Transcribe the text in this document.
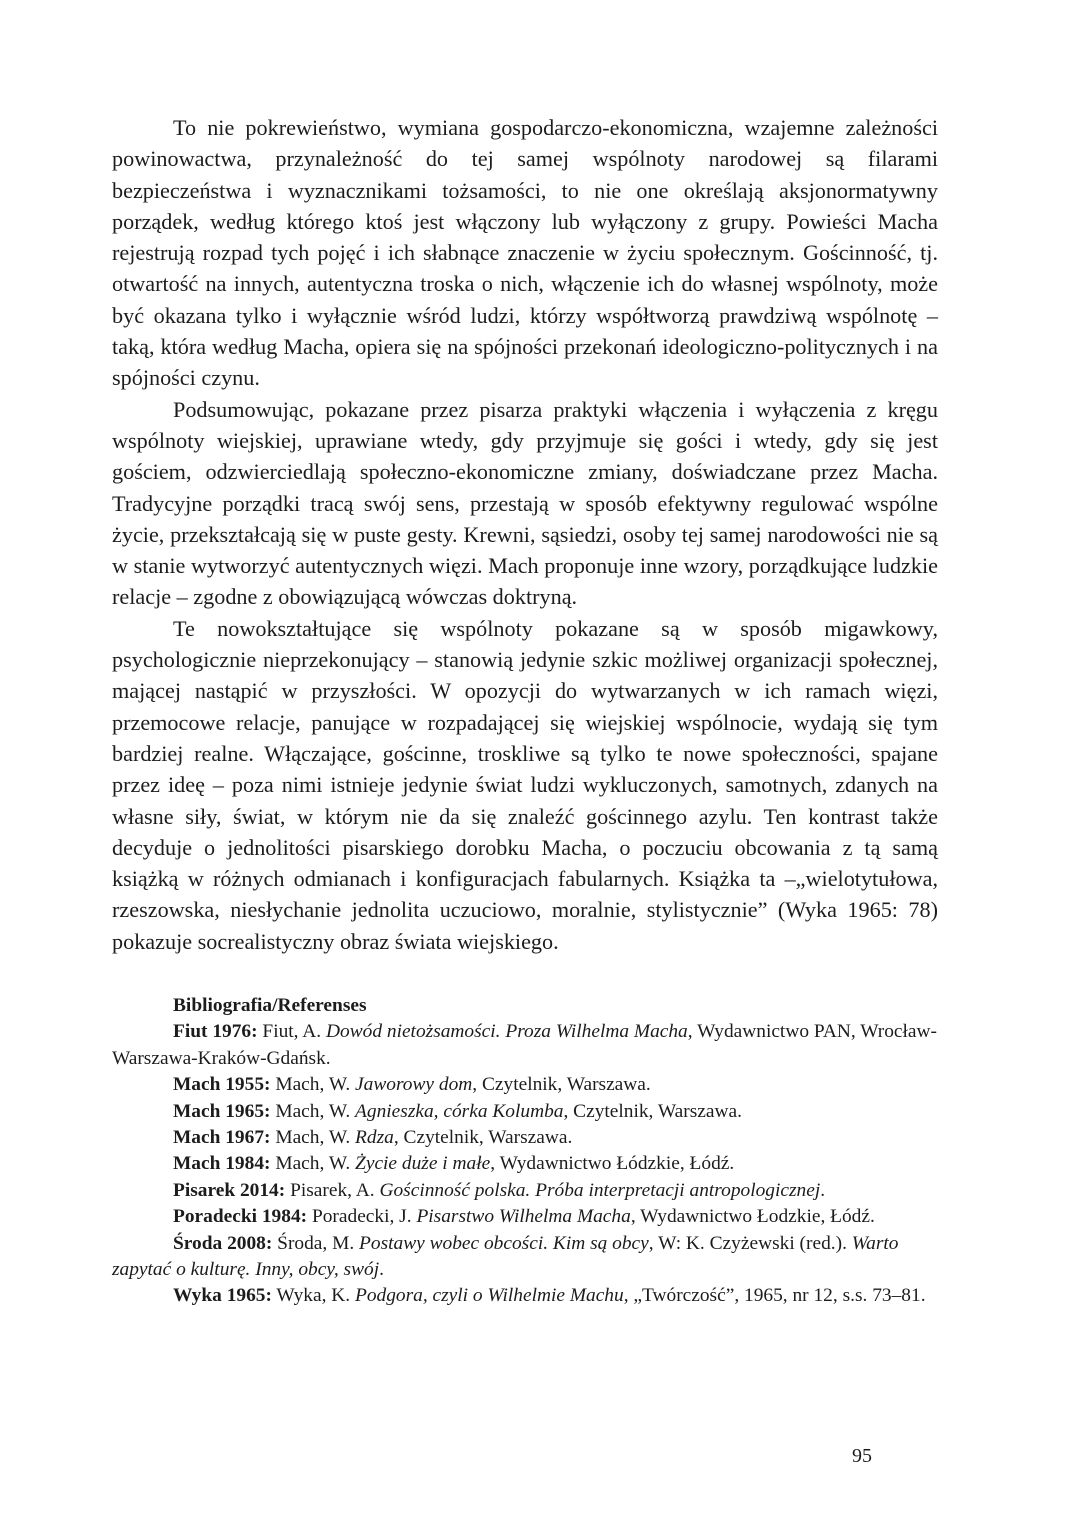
To nie pokrewieństwo, wymiana gospodarczo-ekonomiczna, wzajemne zależności powinowactwa, przynależność do tej samej wspólnoty narodowej są filarami bezpieczeństwa i wyznacznikami tożsamości, to nie one określają aksjonormatywny porządek, według którego ktoś jest włączony lub wyłączony z grupy. Powieści Macha rejestrują rozpad tych pojęć i ich słabnące znaczenie w życiu społecznym. Gościnność, tj. otwartość na innych, autentyczna troska o nich, włączenie ich do własnej wspólnoty, może być okazana tylko i wyłącznie wśród ludzi, którzy współtworzą prawdziwą wspólnotę – taką, która według Macha, opiera się na spójności przekonań ideologiczno-politycznych i na spójności czynu.

Podsumowując, pokazane przez pisarza praktyki włączenia i wyłączenia z kręgu wspólnoty wiejskiej, uprawiane wtedy, gdy przyjmuje się gości i wtedy, gdy się jest gościem, odzwierciedlają społeczno-ekonomiczne zmiany, doświadczane przez Macha. Tradycyjne porządki tracą swój sens, przestają w sposób efektywny regulować wspólne życie, przekształcają się w puste gesty. Krewni, sąsiedzi, osoby tej samej narodowości nie są w stanie wytworzyć autentycznych więzi. Mach proponuje inne wzory, porządkujące ludzkie relacje – zgodne z obowiązującą wówczas doktryną.

Te nowokształtujące się wspólnoty pokazane są w sposób migawkowy, psychologicznie nieprzekonujący – stanowią jedynie szkic możliwej organizacji społecznej, mającej nastąpić w przyszłości. W opozycji do wytwarzanych w ich ramach więzi, przemocowe relacje, panujące w rozpadającej się wiejskiej wspólnocie, wydają się tym bardziej realne. Włączające, gościnne, troskliwe są tylko te nowe społeczności, spajane przez ideę – poza nimi istnieje jedynie świat ludzi wykluczonych, samotnych, zdanych na własne siły, świat, w którym nie da się znaleźć gościnnego azylu. Ten kontrast także decyduje o jednolitości pisarskiego dorobku Macha, o poczuciu obcowania z tą samą książką w różnych odmianach i konfiguracjach fabularnych. Książka ta –„wielotytułowa, rzeszowska, niesłychanie jednolita uczuciowo, moralnie, stylistycznie” (Wyka 1965: 78) pokazuje socrealistyczny obraz świata wiejskiego.

Bibliografia/Referenses

Fiut 1976: Fiut, A. Dowód nietożsamości. Proza Wilhelma Macha, Wydawnictwo PAN, Wrocław-Warszawa-Kraków-Gdańsk.

Mach 1955: Mach, W. Jaworowy dom, Czytelnik, Warszawa.

Mach 1965: Mach, W. Agnieszka, córka Kolumba, Czytelnik, Warszawa.

Mach 1967: Mach, W. Rdza, Czytelnik, Warszawa.

Mach 1984: Mach, W. Życie duże i małe, Wydawnictwo Łódzkie, Łódź.

Pisarek 2014: Pisarek, A. Gościnność polska. Próba interpretacji antropologicznej.

Poradecki 1984: Poradecki, J. Pisarstwo Wilhelma Macha, Wydawnictwo Łodzkie, Łódź.

Środa 2008: Środa, M. Postawy wobec obcości. Kim są obcy, W: K. Czyżewski (red.). Warto zapytać o kulturę. Inny, obcy, swój.

Wyka 1965: Wyka, K. Podgora, czyli o Wilhelmie Machu, „Twórczość”, 1965, nr 12, s.s. 73–81.

95
